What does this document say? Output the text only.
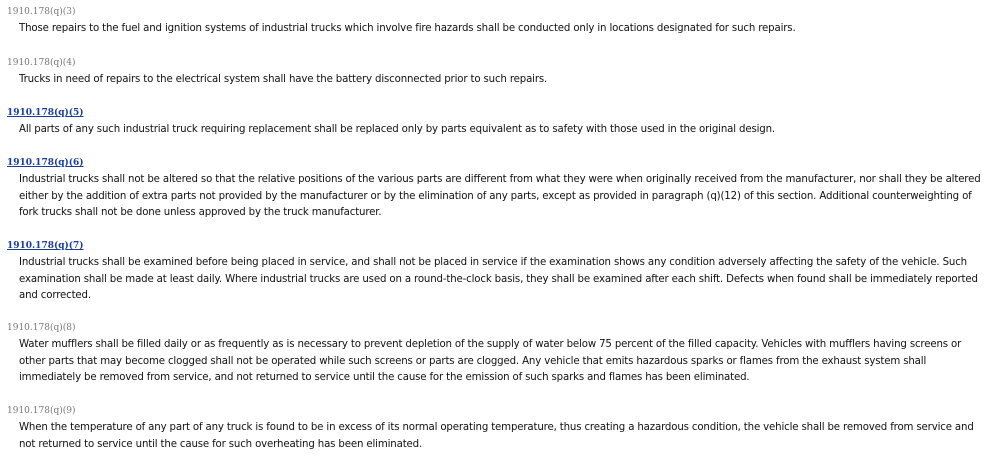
1910.178(q)(3)
Those repairs to the fuel and ignition systems of industrial trucks which involve fire hazards shall be conducted only in locations designated for such repairs.
1910.178(q)(4)
Trucks in need of repairs to the electrical system shall have the battery disconnected prior to such repairs.
1910.178(q)(5)
All parts of any such industrial truck requiring replacement shall be replaced only by parts equivalent as to safety with those used in the original design.
1910.178(q)(6)
Industrial trucks shall not be altered so that the relative positions of the various parts are different from what they were when originally received from the manufacturer, nor shall they be altered either by the addition of extra parts not provided by the manufacturer or by the elimination of any parts, except as provided in paragraph (q)(12) of this section. Additional counterweighting of fork trucks shall not be done unless approved by the truck manufacturer.
1910.178(q)(7)
Industrial trucks shall be examined before being placed in service, and shall not be placed in service if the examination shows any condition adversely affecting the safety of the vehicle. Such examination shall be made at least daily. Where industrial trucks are used on a round-the-clock basis, they shall be examined after each shift. Defects when found shall be immediately reported and corrected.
1910.178(q)(8)
Water mufflers shall be filled daily or as frequently as is necessary to prevent depletion of the supply of water below 75 percent of the filled capacity. Vehicles with mufflers having screens or other parts that may become clogged shall not be operated while such screens or parts are clogged. Any vehicle that emits hazardous sparks or flames from the exhaust system shall immediately be removed from service, and not returned to service until the cause for the emission of such sparks and flames has been eliminated.
1910.178(q)(9)
When the temperature of any part of any truck is found to be in excess of its normal operating temperature, thus creating a hazardous condition, the vehicle shall be removed from service and not returned to service until the cause for such overheating has been eliminated.
